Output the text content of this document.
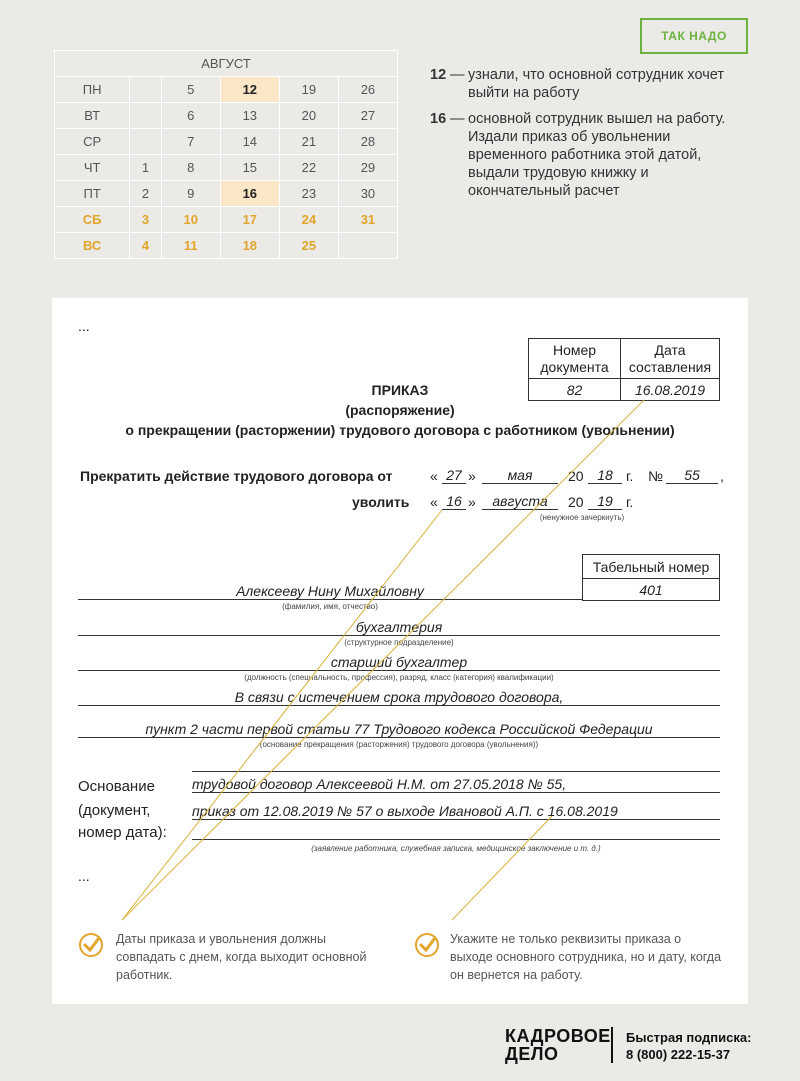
ТАК НАДО
АВГУСТ					
ПН		5	12	19	26
ВТ		6	13	20	27
СР		7	14	21	28
ЧТ	1	8	15	22	29
ПТ	2	9	16	23	30
СБ	3	10	17	24	31
ВС	4	11	18	25	
12 — узнали, что основной сотрудник хочет выйти на работу
16 — основной сотрудник вышел на работу. Издали приказ об увольнении временного работника этой датой, выдали трудовую книжку и окончательный расчет
...
Номер документа	Дата составления
82	16.08.2019
ПРИКАЗ
(распоряжение)
о прекращении (расторжении) трудового договора с работником (увольнении)
Прекратить действие трудового договора от	« 27 »	мая	20 18 г. №	55	,
уволить « 16 »	августа	20 19 г.
(ненужное зачеркнуть)
Табельный номер
401
Алексееву Нину Михайловну
(фамилия, имя, отчество)
бухгалтерия
(структурное подразделение)
старший бухгалтер
(должность (специальность, профессия), разряд, класс (категория) квалификации)
В связи с истечением срока трудового договора,
пункт 2 части первой статьи 77 Трудового кодекса Российской Федерации
(основание прекращения (расторжения) трудового договора (увольнения))
Основание
(документ,
номер дата):
трудовой договор Алексеевой Н.М. от 27.05.2018 № 55,
приказ от 12.08.2019 № 57 о выходе Ивановой А.П. с 16.08.2019
(заявление работника, служебная записка, медицинское заключение и т. д.)
...
Даты приказа и увольнения должны совпадать с днем, когда выходит основной работник.
Укажите не только реквизиты приказа о выходе основного сотрудника, но и дату, когда он вернется на работу.
КАДРОВОЕ
ДЕЛО
Быстрая подписка:
8 (800) 222-15-37
